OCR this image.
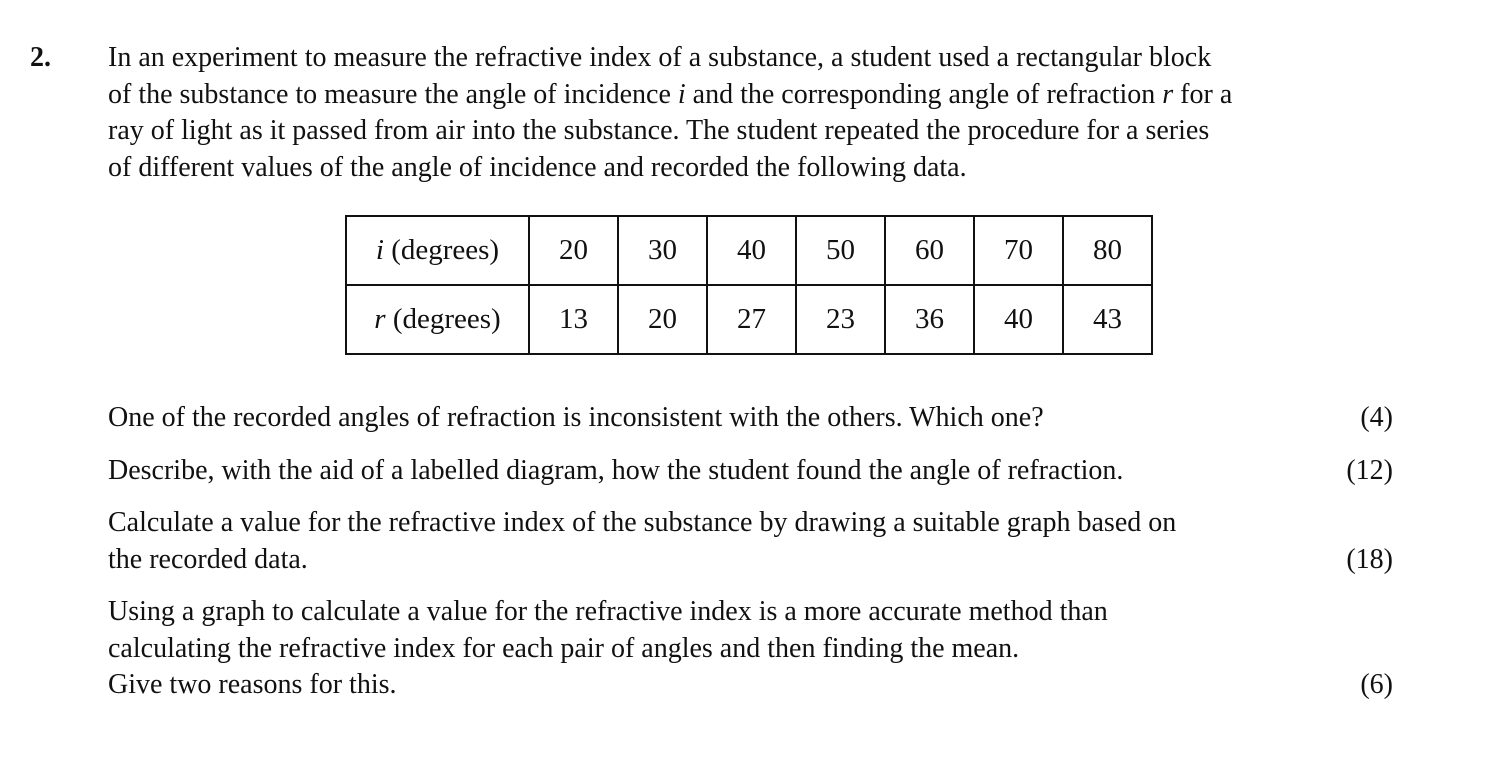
2. In an experiment to measure the refractive index of a substance, a student used a rectangular block
of the substance to measure the angle of incidence i and the corresponding angle of refraction r for a
ray of light as it passed from air into the substance. The student repeated the procedure for a series
of different values of the angle of incidence and recorded the following data.
i (degrees)	20	30	40	50	60	70	80
r (degrees)	13	20	27	23	36	40	43
One of the recorded angles of refraction is inconsistent with the others. Which one?	(4)
Describe, with the aid of a labelled diagram, how the student found the angle of refraction.	(12)
Calculate a value for the refractive index of the substance by drawing a suitable graph based on
the recorded data.	(18)
Using a graph to calculate a value for the refractive index is a more accurate method than
calculating the refractive index for each pair of angles and then finding the mean.
Give two reasons for this.	(6)
